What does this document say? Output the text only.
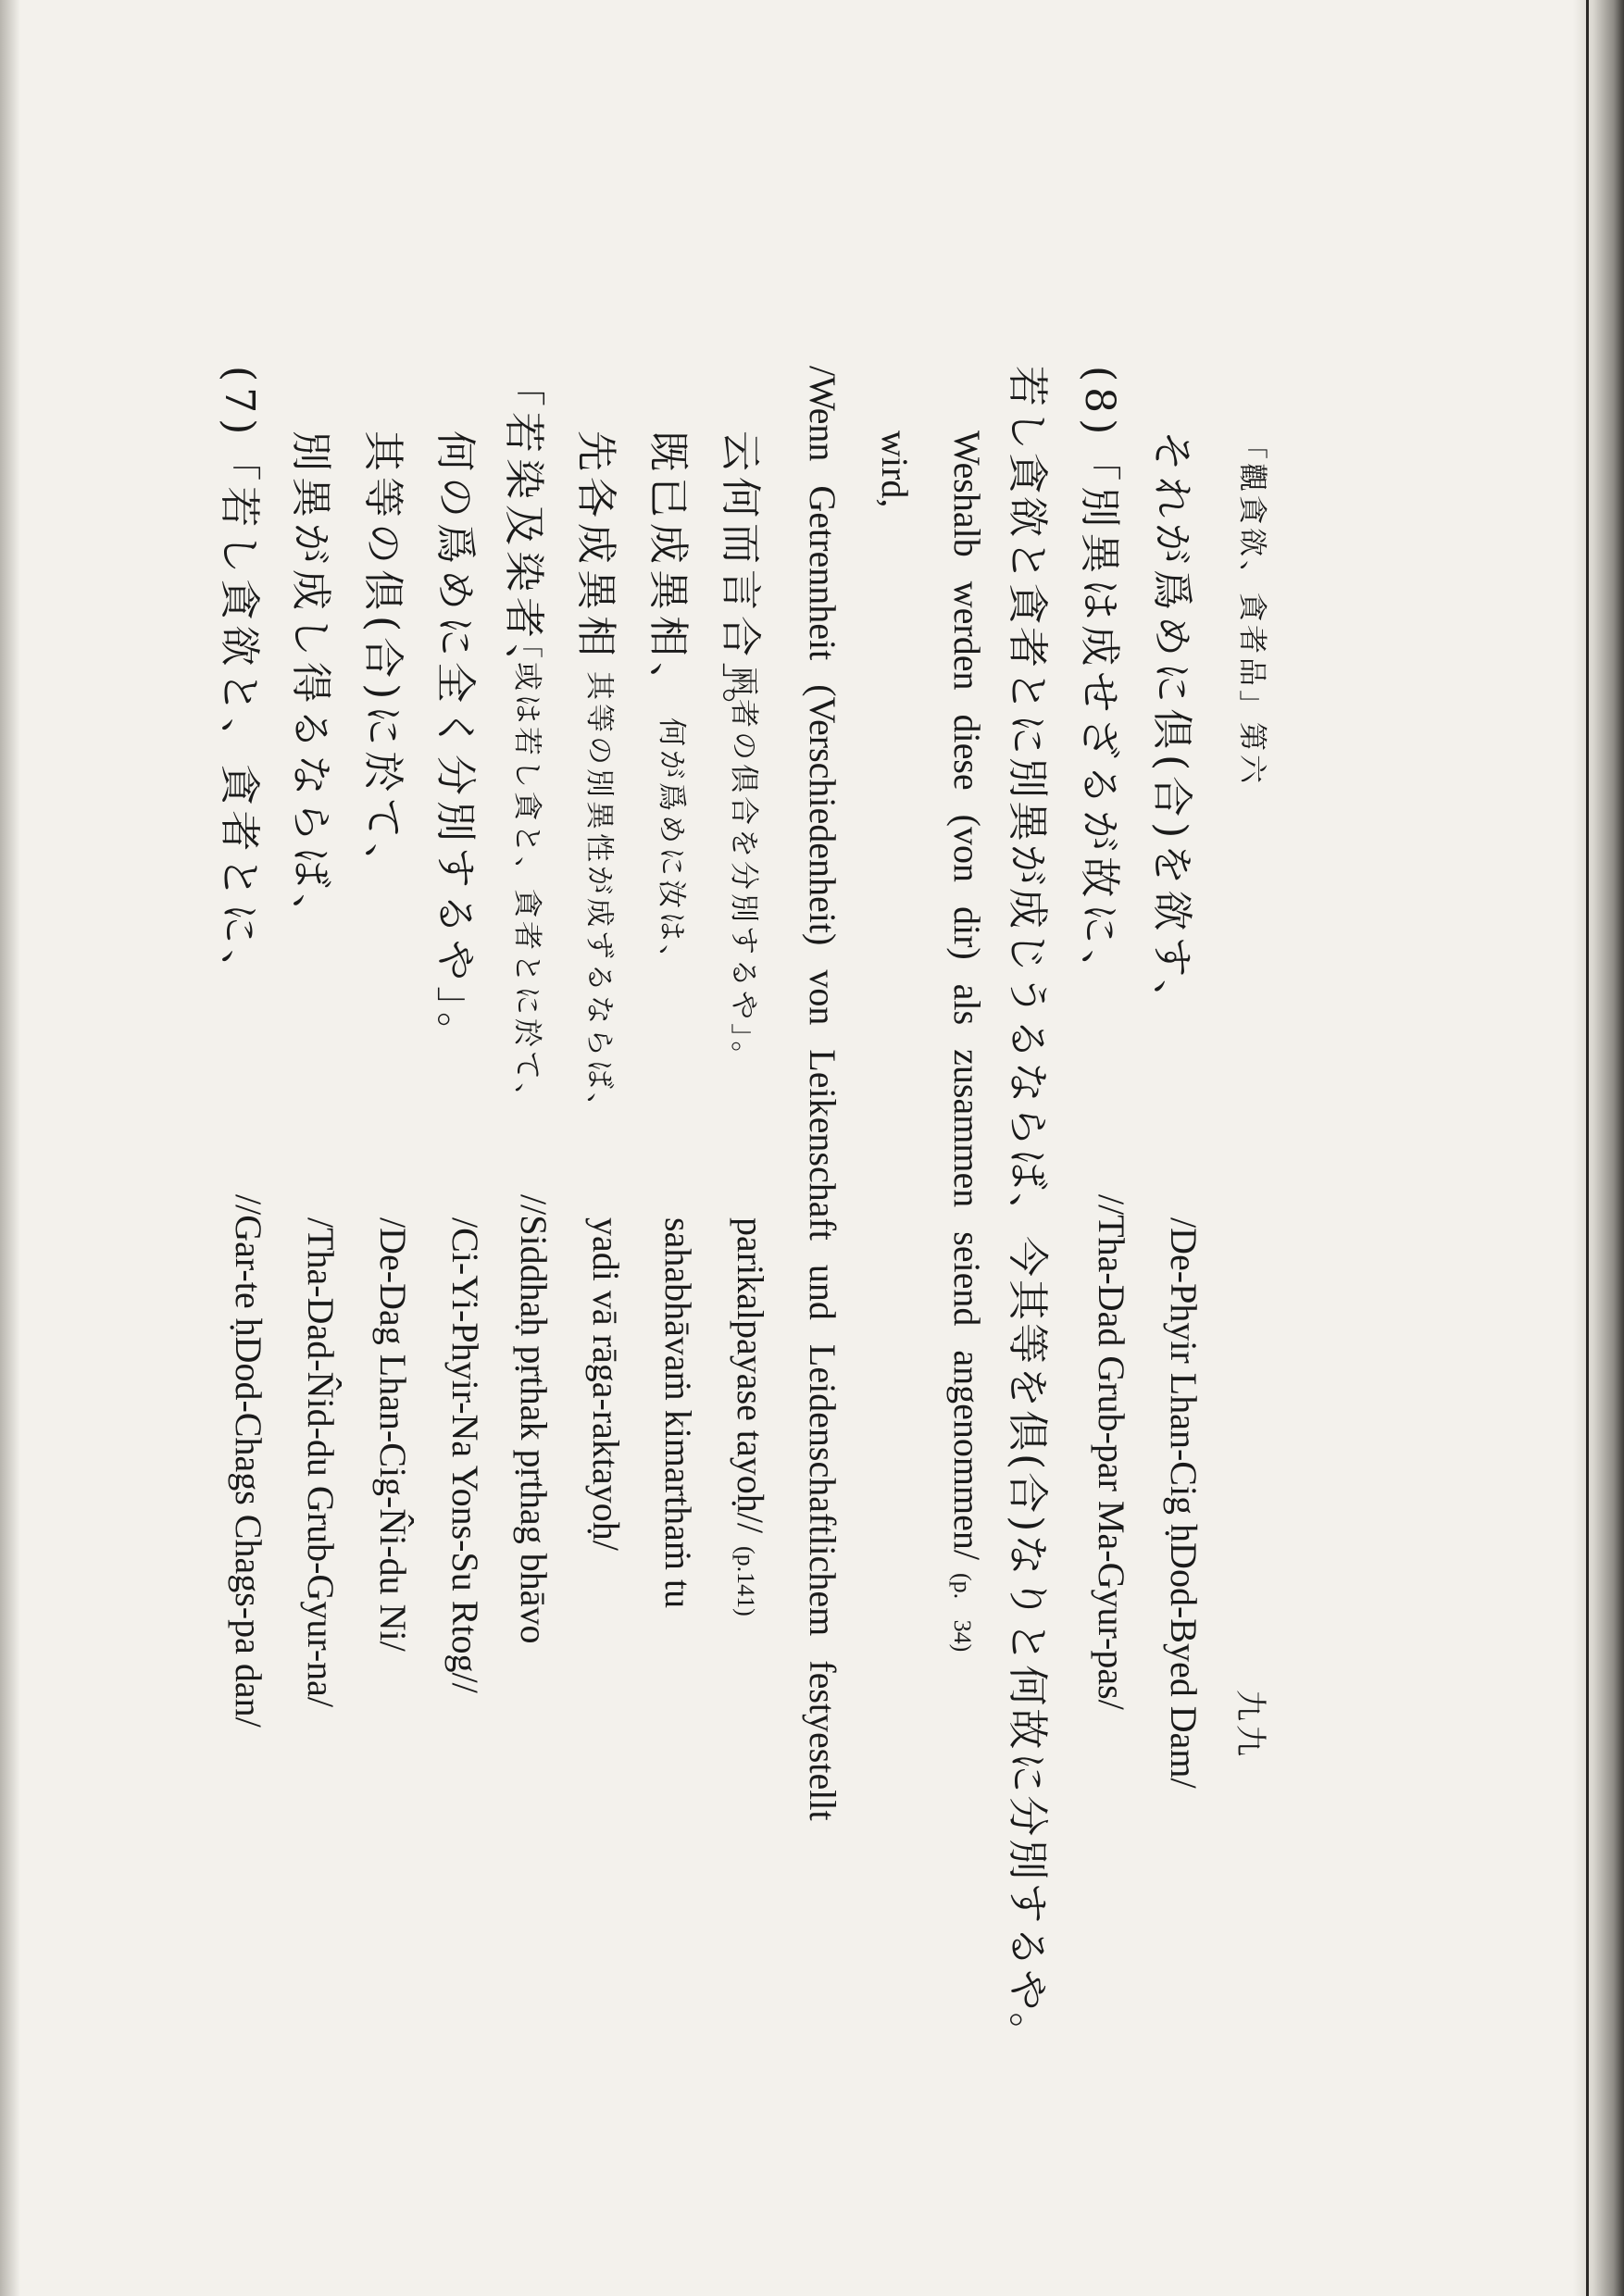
(7)「若し貪欲と、貪者とに、 別異が成し得るならば、 其等の倶(合)に於て、 何の爲めに全く分別するや」。
//Gar-te ḥDod-Chags Chags-pa dan/ /Tha-Dad-N̂id-du Grub-Gyur-na/ /De-Dag Lhan-Cig-N̂i-du Ni/ /Ci-Yi-Phyir-Na Yons-Su Rtog//
「若染及染者、
「或は若し貪と、貪者とに於て、
先各成異相
其等の別異性が成ずるならば、
既已成異相、
何が爲めに汝は、
云何而言合」。
兩者の倶合を分別するや」。
//Siddhaḥ pṛthak pṛthag bhāvo yadi vā rāga-raktayoḥ/ sahabhāvaṁ kimarthaṁ tu parikalpayase tayoḥ//(p.141)	/Wenn Getrennheit (Verschiedenheit) von Leikenschaft und Leidenschaftlichem festyestellt wird, Weshalb werden diese (von dir) als zusammen seiend angenommen/(p. 34) 若し貪欲と貪者とに別異が成じうるならば、今其等を倶(合)なりと何故に分別するや。 (8)「別異は成せざるが故に、 それが爲めに倶(合)を欲す、
//Tha-Dad Grub-par Ma-Gyur-pas/ /De-Phyir Lhan-Cig ḥDod-Byed Dam/
「觀貪欲、貪者品」第六
九九
